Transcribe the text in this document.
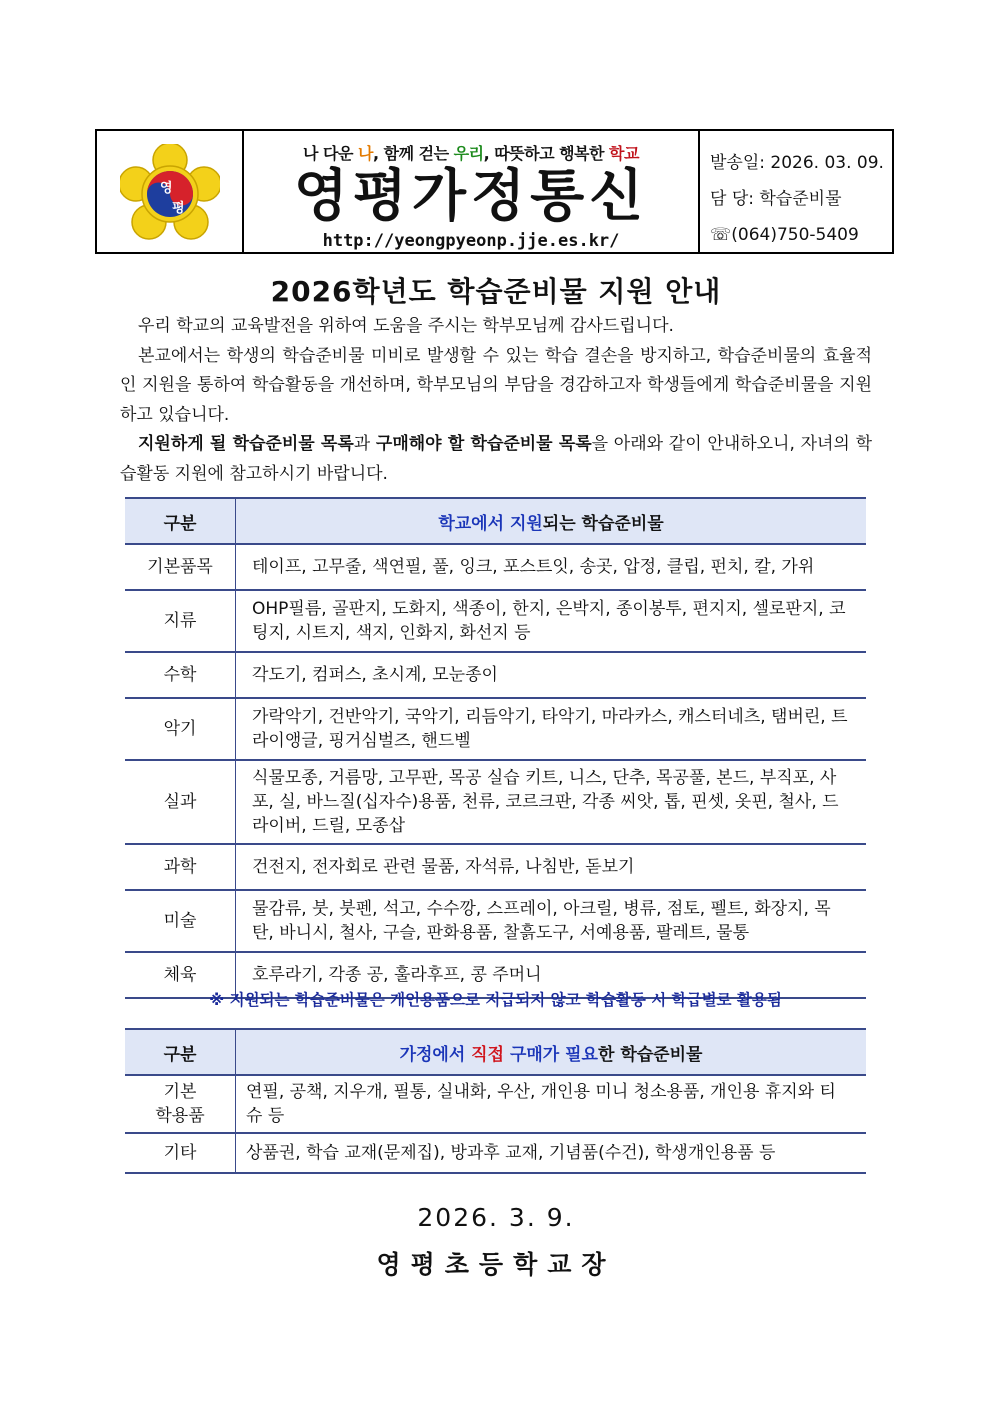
영
평
나 다운 나, 함께 걷는 우리, 따뜻하고 행복한 학교
영평가정통신
http://yeongpyeonp.jje.es.kr/
발송일: 2026. 03. 09.
담 당: 학습준비물
☏(064)750-5409
2026학년도 학습준비물 지원 안내

우리 학교의 교육발전을 위하여 도움을 주시는 학부모님께 감사드립니다.

본교에서는 학생의 학습준비물 미비로 발생할 수 있는 학습 결손을 방지하고, 학습준비물의 효율적인 지원을 통하여 학습활동을 개선하며, 학부모님의 부담을 경감하고자 학생들에게 학습준비물을 지원하고 있습니다.

지원하게 될 학습준비물 목록과 구매해야 할 학습준비물 목록을 아래와 같이 안내하오니, 자녀의 학습활동 지원에 참고하시기 바랍니다.

구분	학교에서 지원되는 학습준비물
기본품목	테이프, 고무줄, 색연필, 풀, 잉크, 포스트잇, 송곳, 압정, 클립, 펀치, 칼, 가위
지류	OHP필름, 골판지, 도화지, 색종이, 한지, 은박지, 종이봉투, 편지지, 셀로판지, 코팅지, 시트지, 색지, 인화지, 화선지 등
수학	각도기, 컴퍼스, 초시계, 모눈종이
악기	가락악기, 건반악기, 국악기, 리듬악기, 타악기, 마라카스, 캐스터네츠, 탬버린, 트라이앵글, 핑거심벌즈, 핸드벨
실과	식물모종, 거름망, 고무판, 목공 실습 키트, 니스, 단추, 목공풀, 본드, 부직포, 사포, 실, 바느질(십자수)용품, 천류, 코르크판, 각종 씨앗, 톱, 핀셋, 옷핀, 철사, 드라이버, 드릴, 모종삽
과학	건전지, 전자회로 관련 물품, 자석류, 나침반, 돋보기
미술	물감류, 붓, 붓펜, 석고, 수수깡, 스프레이, 아크릴, 병류, 점토, 펠트, 화장지, 목탄, 바니시, 철사, 구슬, 판화용품, 찰흙도구, 서예용품, 팔레트, 물통
체육	호루라기, 각종 공, 훌라후프, 콩 주머니
※ 지원되는 학습준비물은 개인용품으로 지급되지 않고 학습활동 시 학급별로 활용됨
구분	가정에서 직접 구매가 필요한 학습준비물
기본
학용품	연필, 공책, 지우개, 필통, 실내화, 우산, 개인용 미니 청소용품, 개인용 휴지와 티슈 등
기타	상품권, 학습 교재(문제집), 방과후 교재, 기념품(수건), 학생개인용품 등
2026. 3. 9.
영평초등학교장
